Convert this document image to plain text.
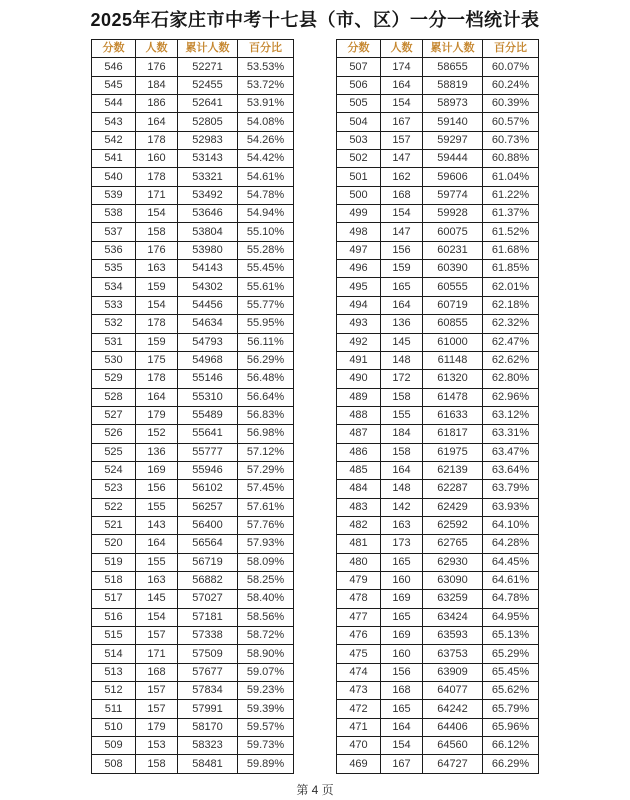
2025年石家庄市中考十七县（市、区）一分一档统计表
分数	人数	累计人数	百分比
546	176	52271	53.53%
545	184	52455	53.72%
544	186	52641	53.91%
543	164	52805	54.08%
542	178	52983	54.26%
541	160	53143	54.42%
540	178	53321	54.61%
539	171	53492	54.78%
538	154	53646	54.94%
537	158	53804	55.10%
536	176	53980	55.28%
535	163	54143	55.45%
534	159	54302	55.61%
533	154	54456	55.77%
532	178	54634	55.95%
531	159	54793	56.11%
530	175	54968	56.29%
529	178	55146	56.48%
528	164	55310	56.64%
527	179	55489	56.83%
526	152	55641	56.98%
525	136	55777	57.12%
524	169	55946	57.29%
523	156	56102	57.45%
522	155	56257	57.61%
521	143	56400	57.76%
520	164	56564	57.93%
519	155	56719	58.09%
518	163	56882	58.25%
517	145	57027	58.40%
516	154	57181	58.56%
515	157	57338	58.72%
514	171	57509	58.90%
513	168	57677	59.07%
512	157	57834	59.23%
511	157	57991	59.39%
510	179	58170	59.57%
509	153	58323	59.73%
508	158	58481	59.89%
分数	人数	累计人数	百分比
507	174	58655	60.07%
506	164	58819	60.24%
505	154	58973	60.39%
504	167	59140	60.57%
503	157	59297	60.73%
502	147	59444	60.88%
501	162	59606	61.04%
500	168	59774	61.22%
499	154	59928	61.37%
498	147	60075	61.52%
497	156	60231	61.68%
496	159	60390	61.85%
495	165	60555	62.01%
494	164	60719	62.18%
493	136	60855	62.32%
492	145	61000	62.47%
491	148	61148	62.62%
490	172	61320	62.80%
489	158	61478	62.96%
488	155	61633	63.12%
487	184	61817	63.31%
486	158	61975	63.47%
485	164	62139	63.64%
484	148	62287	63.79%
483	142	62429	63.93%
482	163	62592	64.10%
481	173	62765	64.28%
480	165	62930	64.45%
479	160	63090	64.61%
478	169	63259	64.78%
477	165	63424	64.95%
476	169	63593	65.13%
475	160	63753	65.29%
474	156	63909	65.45%
473	168	64077	65.62%
472	165	64242	65.79%
471	164	64406	65.96%
470	154	64560	66.12%
469	167	64727	66.29%
第 4 页
